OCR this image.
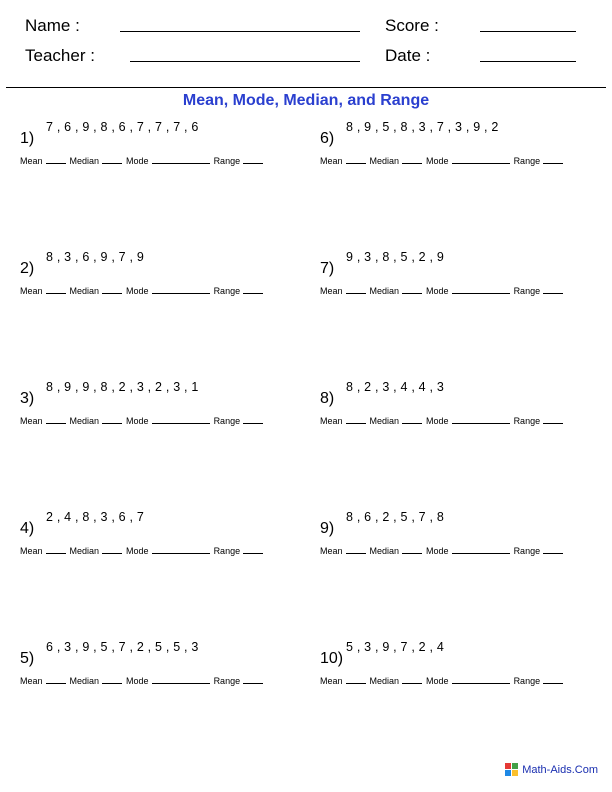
Name :	Score :
Teacher :	Date :
Mean, Mode, Median, and Range
1)
7 , 6 , 9 , 8 , 6 , 7 , 7 , 7 , 6
Mean	Median	Mode	Range
6)
8 , 9 , 5 , 8 , 3 , 7 , 3 , 9 , 2
Mean	Median	Mode	Range
2)
8 , 3 , 6 , 9 , 7 , 9
Mean	Median	Mode	Range
7)
9 , 3 , 8 , 5 , 2 , 9
Mean	Median	Mode	Range
3)
8 , 9 , 9 , 8 , 2 , 3 , 2 , 3 , 1
Mean	Median	Mode	Range
8)
8 , 2 , 3 , 4 , 4 , 3
Mean	Median	Mode	Range
4)
2 , 4 , 8 , 3 , 6 , 7
Mean	Median	Mode	Range
9)
8 , 6 , 2 , 5 , 7 , 8
Mean	Median	Mode	Range
5)
6 , 3 , 9 , 5 , 7 , 2 , 5 , 5 , 3
Mean	Median	Mode	Range
10)
5 , 3 , 9 , 7 , 2 , 4
Mean	Median	Mode	Range
Math-Aids.Com
